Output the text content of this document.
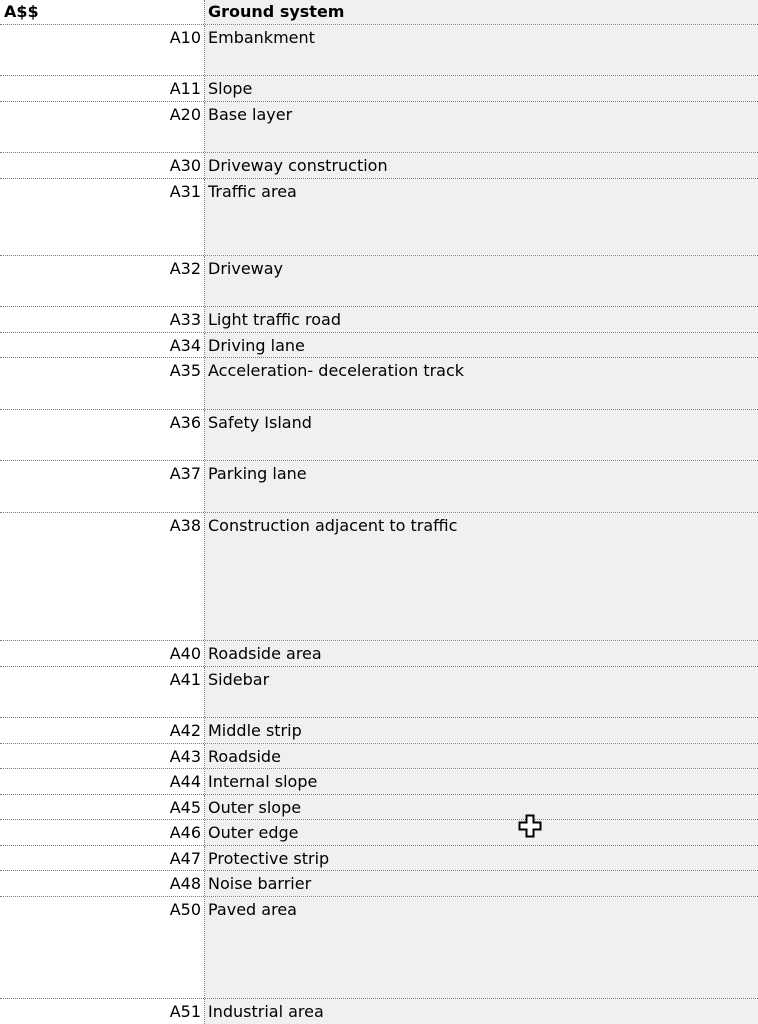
A$$	Ground system
A10 Embankment
A11 Slope
A20 Base layer
A30 Driveway construction
A31 Traffic area
A32 Driveway
A33 Light traffic road
A34 Driving lane
A35 Acceleration- deceleration track
A36 Safety Island
A37 Parking lane
A38 Construction adjacent to traffic
A40 Roadside area
A41 Sidebar
A42 Middle strip
A43 Roadside
A44 Internal slope
A45 Outer slope
A46 Outer edge
A47 Protective strip
A48 Noise barrier
A50 Paved area
A51 Industrial area
